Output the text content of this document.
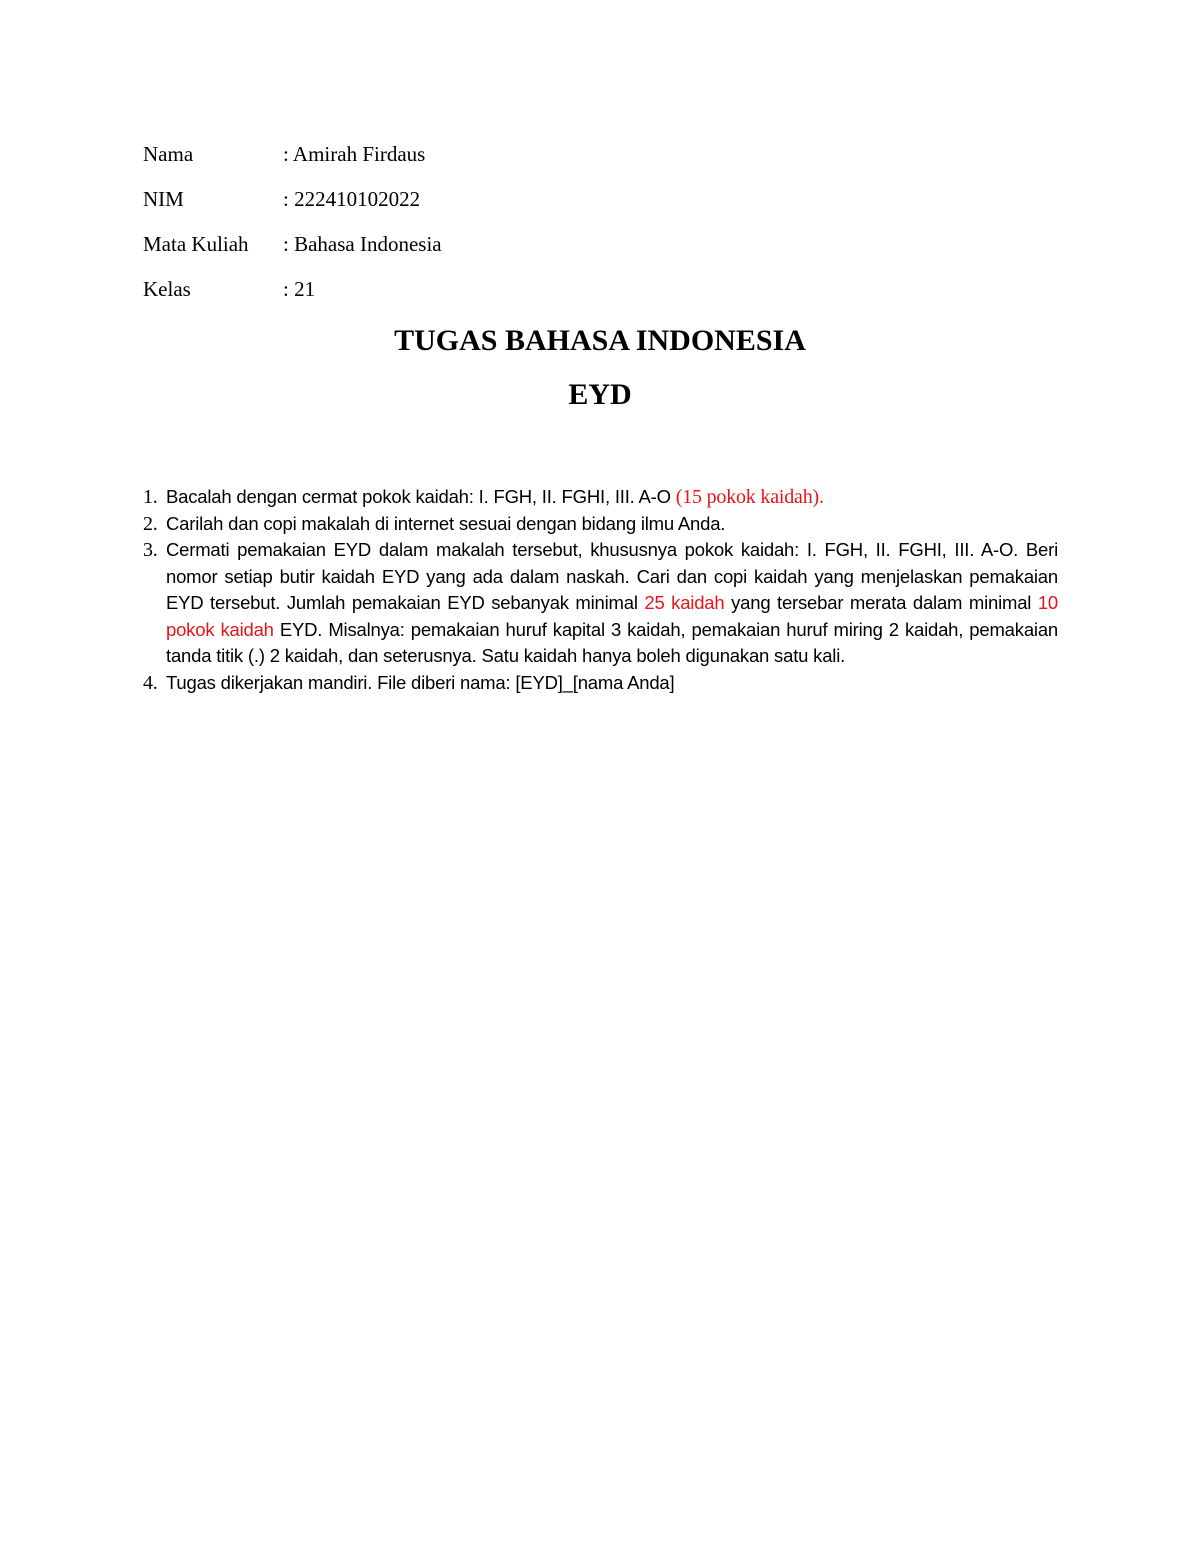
Nama	: Amirah Firdaus
NIM	: 222410102022
Mata Kuliah	: Bahasa Indonesia
Kelas	: 21
TUGAS BAHASA INDONESIA
EYD
1. Bacalah dengan cermat pokok kaidah: I. FGH, II. FGHI, III. A-O (15 pokok kaidah).
2. Carilah dan copi makalah di internet sesuai dengan bidang ilmu Anda.
3. Cermati pemakaian EYD dalam makalah tersebut, khususnya pokok kaidah: I. FGH, II. FGHI, III. A-O. Beri nomor setiap butir kaidah EYD yang ada dalam naskah. Cari dan copi kaidah yang menjelaskan pemakaian EYD tersebut. Jumlah pemakaian EYD sebanyak minimal 25 kaidah yang tersebar merata dalam minimal 10 pokok kaidah EYD. Misalnya: pemakaian huruf kapital 3 kaidah, pemakaian huruf miring 2 kaidah, pemakaian tanda titik (.) 2 kaidah, dan seterusnya. Satu kaidah hanya boleh digunakan satu kali.
4. Tugas dikerjakan mandiri. File diberi nama: [EYD]_[nama Anda]
